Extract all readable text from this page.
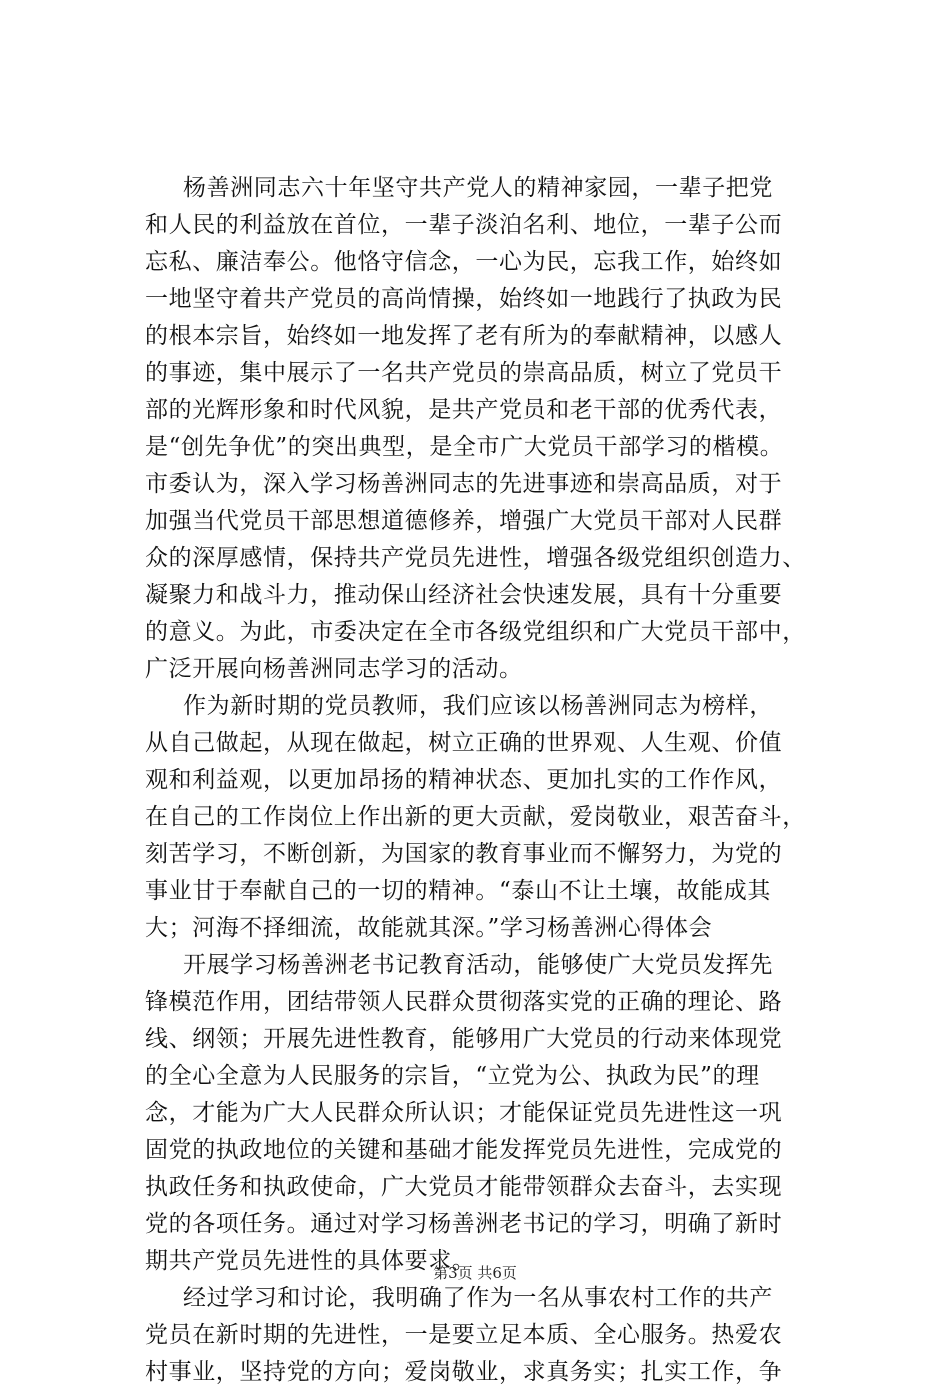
杨善洲同志六十年坚守共产党人的精神家园，一辈子把党
和人民的利益放在首位，一辈子淡泊名利、地位，一辈子公而
忘私、廉洁奉公。他恪守信念，一心为民，忘我工作，始终如
一地坚守着共产党员的高尚情操，始终如一地践行了执政为民
的根本宗旨，始终如一地发挥了老有所为的奉献精神，以感人
的事迹，集中展示了一名共产党员的崇高品质，树立了党员干
部的光辉形象和时代风貌，是共产党员和老干部的优秀代表，
是“创先争优”的突出典型，是全市广大党员干部学习的楷模。
市委认为，深入学习杨善洲同志的先进事迹和崇高品质，对于
加强当代党员干部思想道德修养，增强广大党员干部对人民群
众的深厚感情，保持共产党员先进性，增强各级党组织创造力、
凝聚力和战斗力，推动保山经济社会快速发展，具有十分重要
的意义。为此，市委决定在全市各级党组织和广大党员干部中，
广泛开展向杨善洲同志学习的活动。
作为新时期的党员教师，我们应该以杨善洲同志为榜样，
从自己做起，从现在做起，树立正确的世界观、人生观、价值
观和利益观，以更加昂扬的精神状态、更加扎实的工作作风，
在自己的工作岗位上作出新的更大贡献，爱岗敬业，艰苦奋斗，
刻苦学习，不断创新，为国家的教育事业而不懈努力，为党的
事业甘于奉献自己的一切的精神。“泰山不让土壤，故能成其
大；河海不择细流，故能就其深。”学习杨善洲心得体会
开展学习杨善洲老书记教育活动，能够使广大党员发挥先
锋模范作用，团结带领人民群众贯彻落实党的正确的理论、路
线、纲领；开展先进性教育，能够用广大党员的行动来体现党
的全心全意为人民服务的宗旨，“立党为公、执政为民”的理
念，才能为广大人民群众所认识；才能保证党员先进性这一巩
固党的执政地位的关键和基础才能发挥党员先进性，完成党的
执政任务和执政使命，广大党员才能带领群众去奋斗，去实现
党的各项任务。通过对学习杨善洲老书记的学习，明确了新时
期共产党员先进性的具体要求。
经过学习和讨论，我明确了作为一名从事农村工作的共产
党员在新时期的先进性，一是要立足本质、全心服务。热爱农
村事业，坚持党的方向；爱岗敬业，求真务实；扎实工作，争
第3页 共6页
